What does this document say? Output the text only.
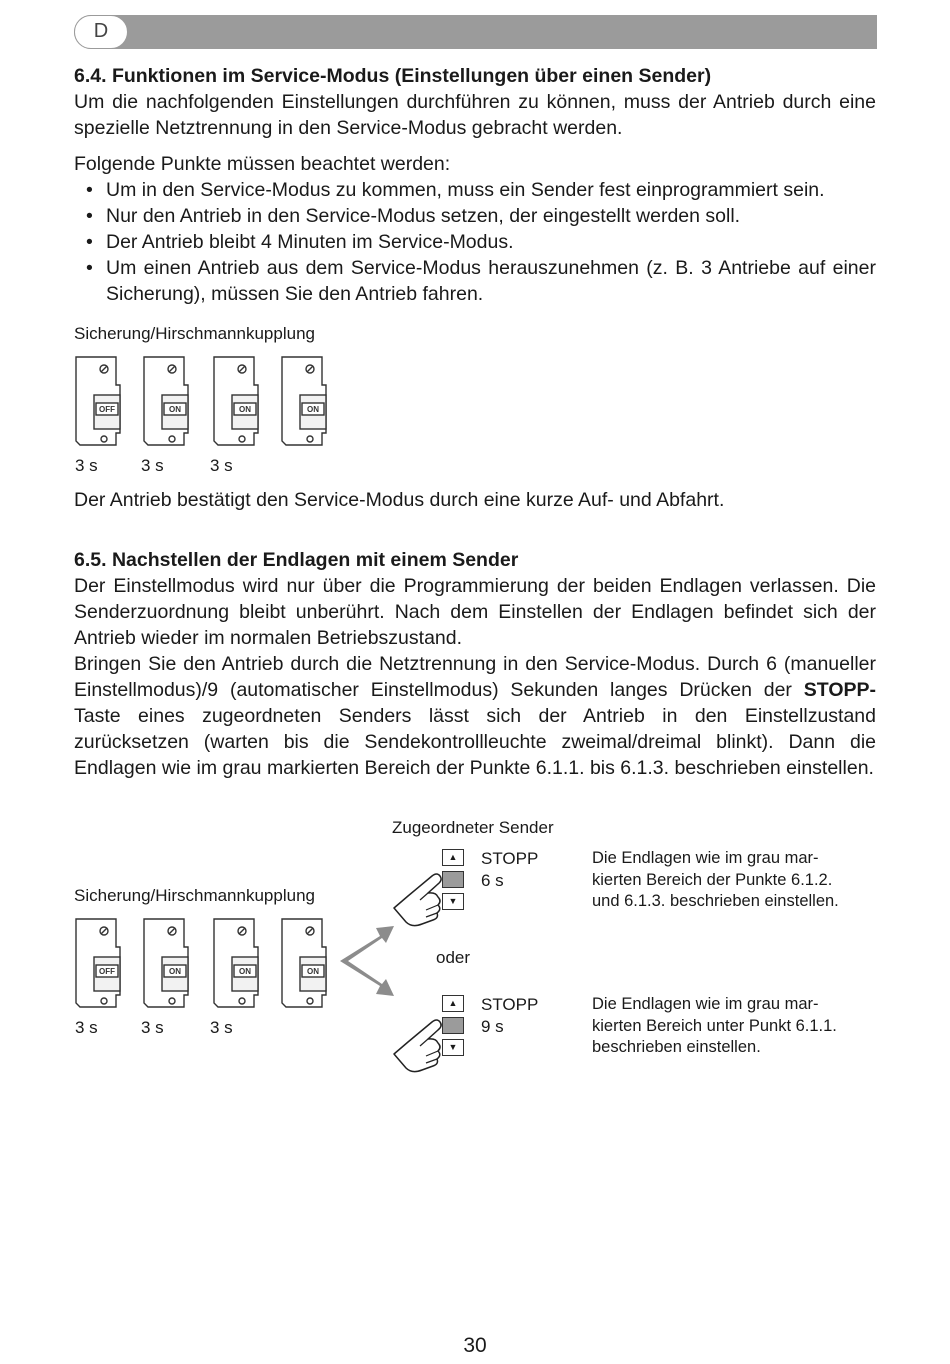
D
6.4. Funktionen im Service-Modus (Einstellungen über einen Sender)

Um die nachfolgenden Einstellungen durchführen zu können, muss der Antrieb durch eine spezielle Netztrennung in den Service-Modus gebracht werden.

Folgende Punkte müssen beachtet werden:
• Um in den Service-Modus zu kommen, muss ein Sender fest einprogrammiert sein.
• Nur den Antrieb in den Service-Modus setzen, der eingestellt werden soll.
• Der Antrieb bleibt 4 Minuten im Service-Modus.
• Um einen Antrieb aus dem Service-Modus herauszunehmen (z. B. 3 Antriebe auf einer Sicherung), müssen Sie den Antrieb fahren.
Sicherung/Hirschmannkupplung
OFF	ON	ON	ON
3 s	3 s	3 s
Der Antrieb bestätigt den Service-Modus durch eine kurze Auf- und Abfahrt.
6.5. Nachstellen der Endlagen mit einem Sender

Der Einstellmodus wird nur über die Programmierung der beiden Endlagen verlassen. Die Senderzuordnung bleibt unberührt. Nach dem Einstellen der Endlagen befindet sich der Antrieb wieder im normalen Betriebszustand.

Bringen Sie den Antrieb durch die Netztrennung in den Service-Modus. Durch 6 (manueller Einstellmodus)/9 (automatischer Einstellmodus) Sekunden langes Drücken der STOPP-Taste eines zugeordneten Senders lässt sich der Antrieb in den Einstellzustand zurücksetzen (warten bis die Sendekontrollleuchte zweimal/dreimal blinkt). Dann die Endlagen wie im grau markierten Bereich der Punkte 6.1.1. bis 6.1.3. beschrieben einstellen.

Zugeordneter Sender
Sicherung/Hirschmannkupplung
OFF	ON	ON	ON
3 s	3 s	3 s
▲
▼
STOPP
6 s
Die Endlagen wie im grau mar-
kierten Bereich der Punkte 6.1.2.
und 6.1.3. beschrieben einstellen.
oder
▲
▼
STOPP
9 s
Die Endlagen wie im grau mar-
kierten Bereich unter Punkt 6.1.1.
beschrieben einstellen.
30
